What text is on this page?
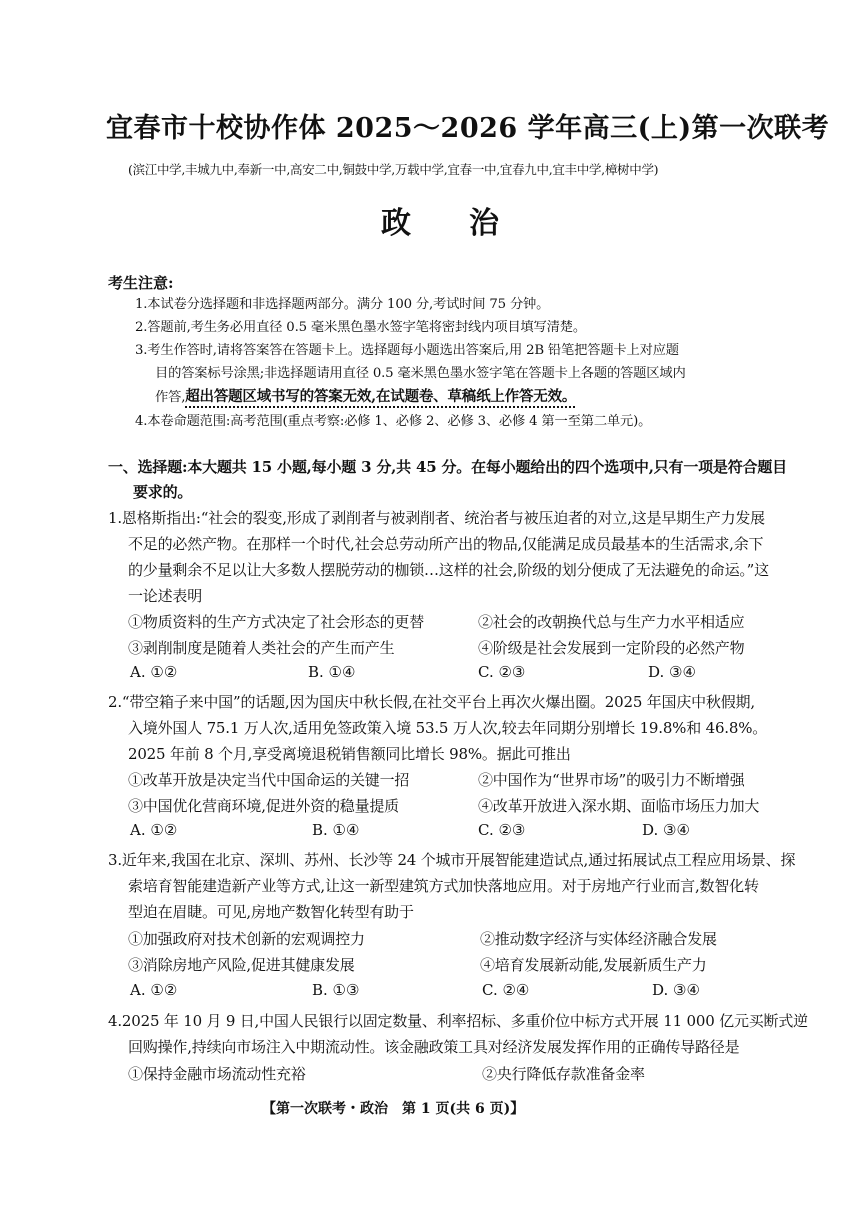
宜春市十校协作体 2025～2026 学年高三(上)第一次联考
(滨江中学,丰城九中,奉新一中,高安二中,铜鼓中学,万载中学,宜春一中,宜春九中,宜丰中学,樟树中学)
政治
考生注意:
1.本试卷分选择题和非选择题两部分。满分 100 分,考试时间 75 分钟。
2.答题前,考生务必用直径 0.5 毫米黑色墨水签字笔将密封线内项目填写清楚。
3.考生作答时,请将答案答在答题卡上。选择题每小题选出答案后,用 2B 铅笔把答题卡上对应题
目的答案标号涂黑;非选择题请用直径 0.5 毫米黑色墨水签字笔在答题卡上各题的答题区域内
作答,超出答题区域书写的答案无效,在试题卷、草稿纸上作答无效。
4.本卷命题范围:高考范围(重点考察:必修 1、必修 2、必修 3、必修 4 第一至第二单元)。
一、选择题:本大题共 15 小题,每小题 3 分,共 45 分。在每小题给出的四个选项中,只有一项是符合题目
要求的。
1.恩格斯指出:“社会的裂变,形成了剥削者与被剥削者、统治者与被压迫者的对立,这是早期生产力发展
不足的必然产物。在那样一个时代,社会总劳动所产出的物品,仅能满足成员最基本的生活需求,余下
的少量剩余不足以让大多数人摆脱劳动的枷锁…这样的社会,阶级的划分便成了无法避免的命运。”这
一论述表明
①物质资料的生产方式决定了社会形态的更替	②社会的改朝换代总与生产力水平相适应
③剥削制度是随着人类社会的产生而产生	④阶级是社会发展到一定阶段的必然产物
A. ①②	B. ①④	C. ②③	D. ③④
2.“带空箱子来中国”的话题,因为国庆中秋长假,在社交平台上再次火爆出圈。2025 年国庆中秋假期,
入境外国人 75.1 万人次,适用免签政策入境 53.5 万人次,较去年同期分别增长 19.8%和 46.8%。
2025 年前 8 个月,享受离境退税销售额同比增长 98%。据此可推出
①改革开放是决定当代中国命运的关键一招	②中国作为“世界市场”的吸引力不断增强
③中国优化营商环境,促进外资的稳量提质	④改革开放进入深水期、面临市场压力加大
A. ①②	B. ①④	C. ②③	D. ③④
3.近年来,我国在北京、深圳、苏州、长沙等 24 个城市开展智能建造试点,通过拓展试点工程应用场景、探
索培育智能建造新产业等方式,让这一新型建筑方式加快落地应用。对于房地产行业而言,数智化转
型迫在眉睫。可见,房地产数智化转型有助于
①加强政府对技术创新的宏观调控力	②推动数字经济与实体经济融合发展
③消除房地产风险,促进其健康发展	④培育发展新动能,发展新质生产力
A. ①②	B. ①③	C. ②④	D. ③④
4.2025 年 10 月 9 日,中国人民银行以固定数量、利率招标、多重价位中标方式开展 11 000 亿元买断式逆
回购操作,持续向市场注入中期流动性。该金融政策工具对经济发展发挥作用的正确传导路径是
①保持金融市场流动性充裕	②央行降低存款准备金率
【第一次联考・政治　第 1 页(共 6 页)】
